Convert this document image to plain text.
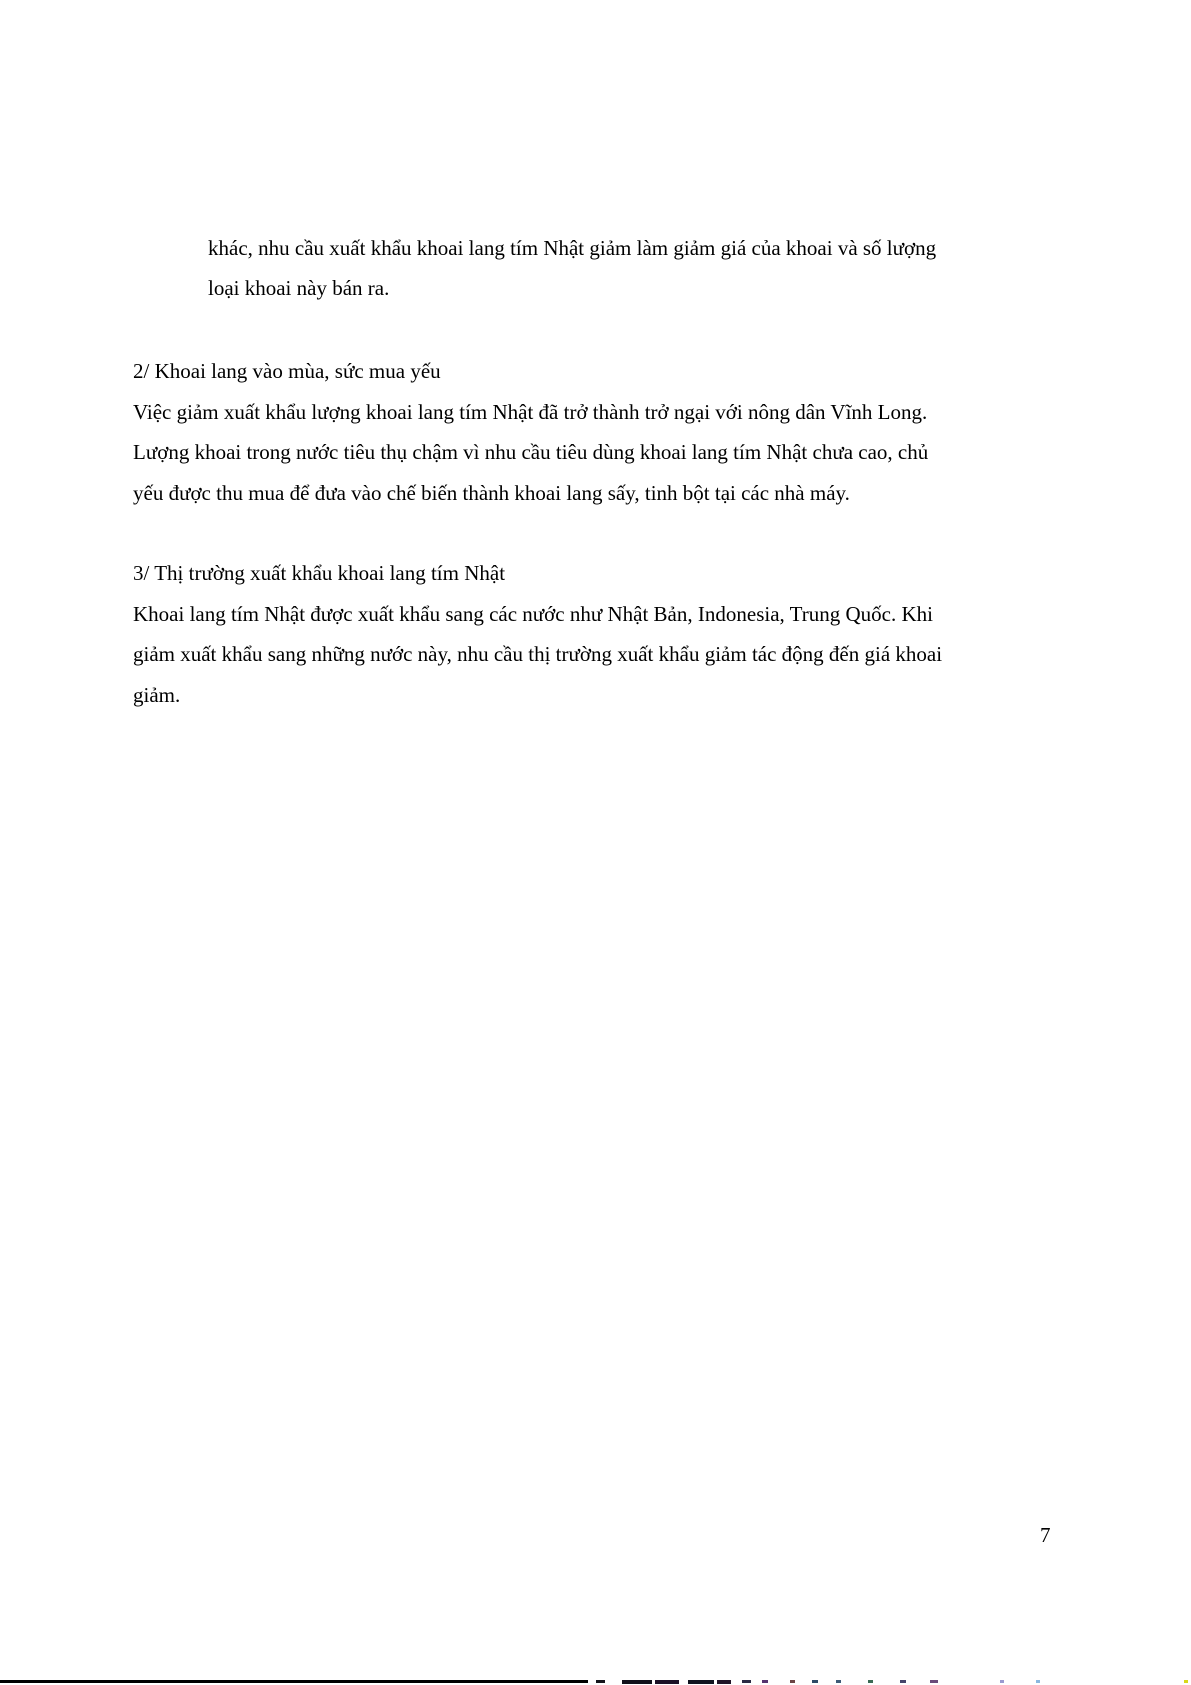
khác, nhu cầu xuất khẩu khoai lang tím Nhật giảm làm giảm giá của khoai và số lượng
loại khoai này bán ra.
2/ Khoai lang vào mùa, sức mua yếu
Việc giảm xuất khẩu lượng khoai lang tím Nhật đã trở thành trở ngại với nông dân Vĩnh Long.
Lượng khoai trong nước tiêu thụ chậm vì nhu cầu tiêu dùng khoai lang tím Nhật chưa cao, chủ
yếu được thu mua để đưa vào chế biến thành khoai lang sấy, tinh bột tại các nhà máy.
3/ Thị trường xuất khẩu khoai lang tím Nhật
Khoai lang tím Nhật được xuất khẩu sang các nước như Nhật Bản, Indonesia, Trung Quốc. Khi
giảm xuất khẩu sang những nước này, nhu cầu thị trường xuất khẩu giảm tác động đến giá khoai
giảm.
7
